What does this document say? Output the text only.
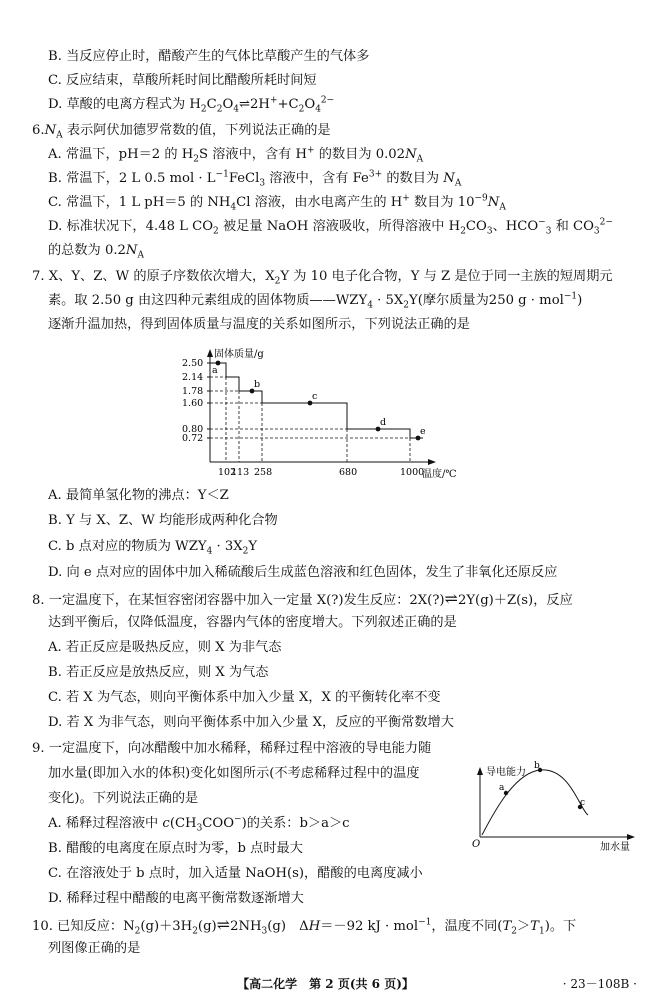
B. 当反应停止时，醋酸产生的气体比草酸产生的气体多
C. 反应结束，草酸所耗时间比醋酸所耗时间短
D. 草酸的电离方程式为 $H_2C_2O_4\rightleftharpoons 2H^++C_2O_4^{2-}$
$6.N_A$ 表示阿伏加德罗常数的值，下列说法正确的是
A. 常温下，pH＝2 的 $H_2S$ 溶液中，含有 H+ 的数目为 $0.02N_A$
B. 常温下，2 L 0.5 mol · $L^{-1}FeCl_3$ 溶液中，含有 $Fe^{3+}$ 的数目为 $N_A$
C. 常温下，1 L pH＝5 的 $NH_4Cl$ 溶液，由水电离产生的 H+ 数目为 $10^{-9}N_A$
D. 标准状况下，4.48 L $CO_2$ 被足量 NaOH 溶液吸收，所得溶液中 $H_2CO_3$、$HCO^-_3$ 和 $CO_3^{2-}$
的总数为 $0.2N_A$
7. X、Y、Z、W 的原子序数依次增大，$X_2Y$ 为 10 电子化合物，Y 与 Z 是位于同一主族的短周期元
素。取 2.50 g 由这四种元素组成的固体物质$——WZY_4 \cdot 5X_2Y$(摩尔质量为250 g · mol$^{-1}$)
逐渐升温加热，得到固体质量与温度的关系如图所示，下列说法正确的是
2.50
2.14
1.78
1.60
0.80
0.72
102
113 258	680	1000
a
b
c
d
e
固体质量/g
温度/℃
A. 最简单氢化物的沸点：Y＜Z
B. Y 与 X、Z、W 均能形成两种化合物
C. b 点对应的物质为 $WZY_4 \cdot 3X_2Y$
D. 向 e 点对应的固体中加入稀硫酸后生成蓝色溶液和红色固体，发生了非氧化还原反应
8. 一定温度下，在某恒容密闭容器中加入一定量 X(?)发生反应：2X(?)⇌2Y(g)＋Z(s)，反应
达到平衡后，仅降低温度，容器内气体的密度增大。下列叙述正确的是
A. 若正反应是吸热反应，则 X 为非气态
B. 若正反应是放热反应，则 X 为气态
C. 若 X 为气态，则向平衡体系中加入少量 X，X 的平衡转化率不变
D. 若 X 为非气态，则向平衡体系中加入少量 X，反应的平衡常数增大
9. 一定温度下，向冰醋酸中加水稀释，稀释过程中溶液的导电能力随
加水量(即加入水的体积)变化如图所示(不考虑稀释过程中的温度
变化)。下列说法正确的是
A. 稀释过程溶液中 $c(CH_3COO^-)$的关系：b＞a＞c
B. 醋酸的电离度在原点时为零，b 点时最大
C. 在溶液处于 b 点时，加入适量 NaOH(s)，醋酸的电离度减小
D. 稀释过程中醋酸的电离平衡常数逐渐增大
导电能力
加水量
O
a
b
c
10. 已知反应：$N_2(g)+3H_2(g)\rightleftharpoons 2NH_3(g)$　ΔH＝－92 kJ · mol$^{-1}$，温度不同$(T_2>T_1)$。下
列图像正确的是
【高二化学　第 2 页(共 6 页)】	· 23－108B ·
